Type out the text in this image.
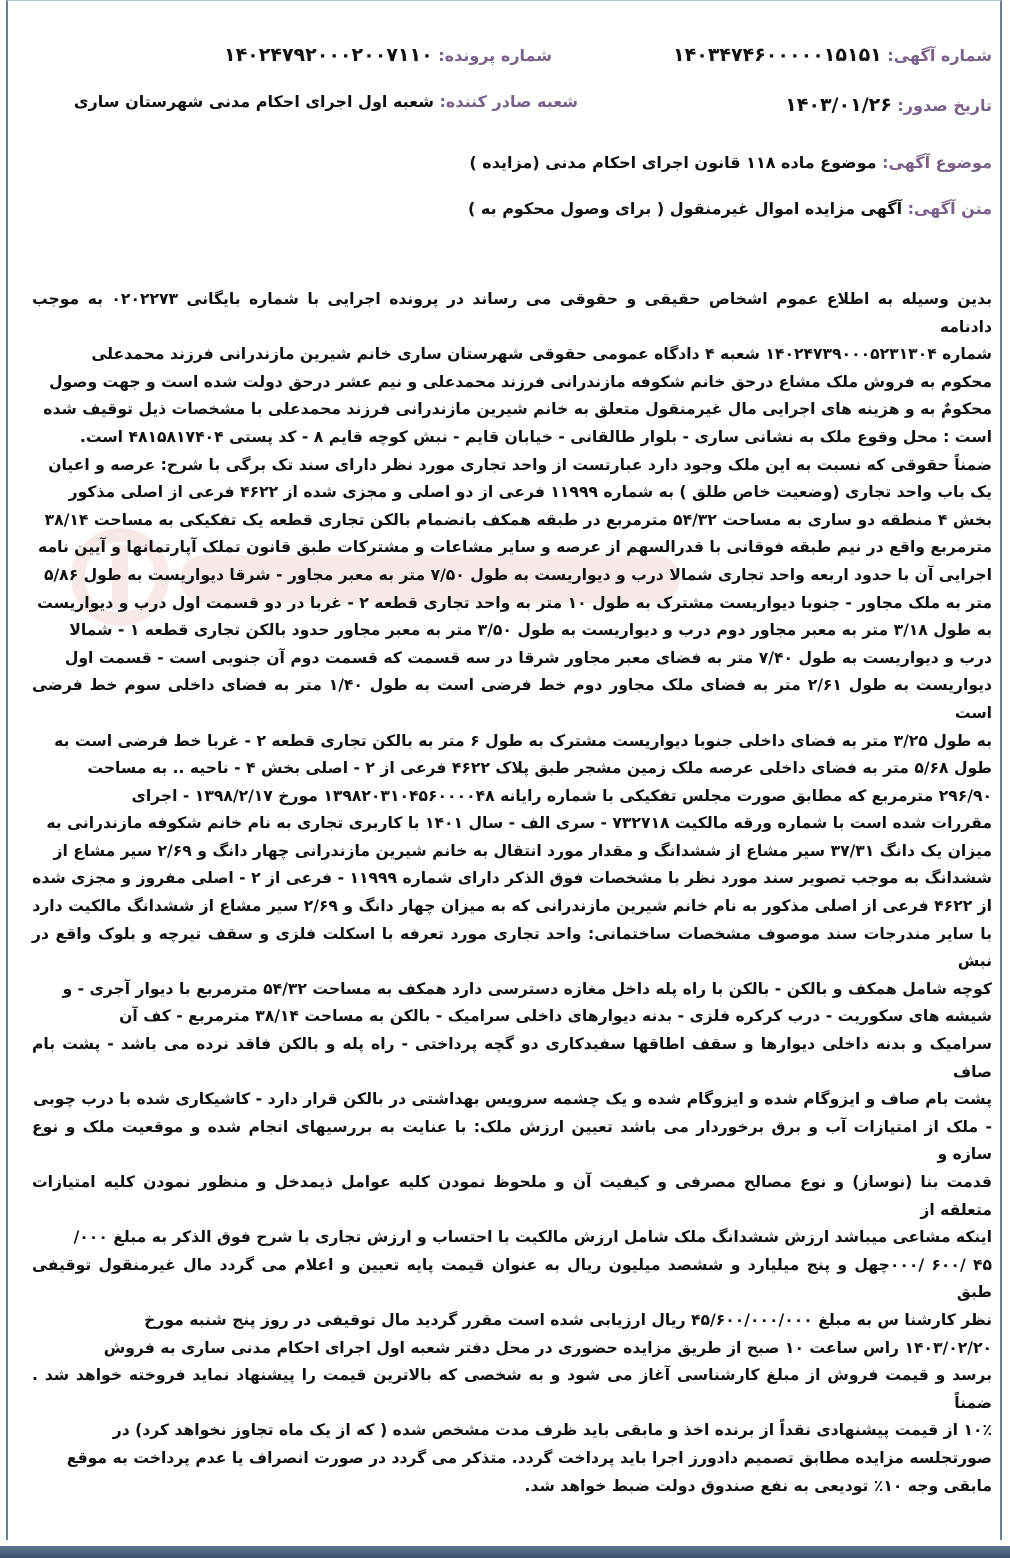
شماره آگهی: ۱۴۰۳۴۷۴۶۰۰۰۰۰۱۵۱۵۱
شماره پرونده: ۱۴۰۲۴۷۹۲۰۰۰۲۰۰۷۱۱۰
تاریخ صدور: ۱۴۰۳/۰۱/۲۶
شعبه صادر کننده: شعبه اول اجرای احکام مدنی شهرستان ساری
موضوع آگهی: موضوع ماده ۱۱۸ قانون اجرای احکام مدنی (مزایده )
متن آگهی: آگهی مزایده اموال غیرمنقول ( برای وصول محکوم به )

بدین وسیله به اطلاع عموم اشخاص حقیقی و حقوقی می رساند در پرونده اجرایی با شماره بایگانی ۰۲۰۲۲۷۳ به موجب دادنامه

شماره ۱۴۰۲۴۷۳۹۰۰۰۵۲۳۱۳۰۴ شعبه ۴ دادگاه عمومی حقوقی شهرستان ساری خانم شیرین مازندرانی فرزند محمدعلی

محکوم به فروش ملک مشاع درحق خانم شکوفه مازندرانی فرزند محمدعلی و نیم عشر درحق دولت شده است و جهت وصول

محکومٌ به و هزینه های اجرایی مال غیرمنقول متعلق به خانم شیرین مازندرانی فرزند محمدعلی با مشخصات ذیل توقیف شده

است : محل وقوع ملک به نشانی ساری - بلوار طالقانی - خیابان قایم - نبش کوچه قایم ۸ - کد پستی ۴۸۱۵۸۱۷۴۰۴ است.

ضمناً حقوقی که نسبت به این ملک وجود دارد عبارتست از واحد تجاری مورد نظر دارای سند تک برگی با شرح: عرصه و اعیان

یک باب واحد تجاری (وضعیت خاص طلق ) به شماره ۱۱۹۹۹ فرعی از دو اصلی و مجزی شده از ۴۶۲۲ فرعی از اصلی مذکور

بخش ۴ منطقه دو ساری به مساحت ۵۴/۳۲ مترمربع در طبقه همکف بانضمام بالکن تجاری قطعه یک تفکیکی به مساحت ۳۸/۱۴

مترمربع واقع در نیم طبقه فوقانی با قدرالسهم از عرصه و سایر مشاعات و مشترکات طبق قانون تملک آپارتمانها و آیین نامه

اجرایی آن با حدود اربعه واحد تجاری شمالا درب و دیواریست به طول ۷/۵۰ متر به معبر مجاور - شرقا دیواریست به طول ۵/۸۶

متر به ملک مجاور - جنوبا دیواریست مشترک به طول ۱۰ متر به واحد تجاری قطعه ۲ - غربا در دو قسمت اول درب و دیواریست

به طول ۳/۱۸ متر به معبر مجاور دوم درب و دیواریست به طول ۳/۵۰ متر به معبر مجاور حدود بالکن تجاری قطعه ۱ - شمالا

درب و دیواریست به طول ۷/۴۰ متر به فضای معبر مجاور شرقا در سه قسمت که قسمت دوم آن جنوبی است - قسمت اول

دیواریست به طول ۲/۶۱ متر به فضای ملک مجاور دوم خط فرضی است به طول ۱/۴۰ متر به فضای داخلی سوم خط فرضی است

به طول ۳/۲۵ متر به فضای داخلی جنوبا دیواریست مشترک به طول ۶ متر به بالکن تجاری قطعه ۲ - غربا خط فرضی است به

طول ۵/۶۸ متر به فضای داخلی عرصه ملک زمین مشجر طبق پلاک ۴۶۲۲ فرعی از ۲ - اصلی بخش ۴ - ناحیه .. به مساحت

۲۹۶/۹۰ مترمربع که مطابق صورت مجلس تفکیکی با شماره رایانه ۱۳۹۸۲۰۳۱۰۴۵۶۰۰۰۰۴۸ مورخ ۱۳۹۸/۲/۱۷ - اجرای

مقررات شده است با شماره ورقه مالکیت ۷۳۲۷۱۸ - سری الف - سال ۱۴۰۱ با کاربری تجاری به نام خانم شکوفه مازندرانی به

میزان یک دانگ ۳۷/۳۱ سیر مشاع از ششدانگ و مقدار مورد انتقال به خانم شیرین مازندرانی چهار دانگ و ۲/۶۹ سیر مشاع از

ششدانگ به موجب تصویر سند مورد نظر با مشخصات فوق الذکر دارای شماره ۱۱۹۹۹ - فرعی از ۲ - اصلی مفروز و مجزی شده

از ۴۶۲۲ فرعی از اصلی مذکور به نام خانم شیرین مازندرانی که به میزان چهار دانگ و ۲/۶۹ سیر مشاع از ششدانگ مالکیت دارد

با سایر مندرجات سند موصوف مشخصات ساختمانی: واحد تجاری مورد تعرفه با اسکلت فلزی و سقف تیرچه و بلوک واقع در نبش

کوچه شامل همکف و بالکن - بالکن با راه پله داخل مغازه دسترسی دارد همکف به مساحت ۵۴/۳۲ مترمربع با دیوار آجری - و

شیشه های سکوریت - درب کرکره فلزی - بدنه دیوارهای داخلی سرامیک - بالکن به مساحت ۳۸/۱۴ مترمربع - کف آن

سرامیک و بدنه داخلی دیوارها و سقف اطاقها سفیدکاری دو گچه پرداختی - راه پله و بالکن فاقد نرده می باشد - پشت بام صاف

پشت بام صاف و ایزوگام شده و ایزوگام شده و یک چشمه سرویس بهداشتی در بالکن قرار دارد - کاشیکاری شده با درب چوبی

- ملک از امتیازات آب و برق برخوردار می باشد تعیین ارزش ملک: با عنایت به بررسیهای انجام شده و موقعیت ملک و نوع سازه و

قدمت بنا (نوساز) و نوع مصالح مصرفی و کیفیت آن و ملحوظ نمودن کلیه عوامل ذیمدخل و منظور نمودن کلیه امتیازات متعلقه از

اینکه مشاعی میباشد ارزش ششدانگ ملک شامل ارزش مالکیت با احتساب و ارزش تجاری با شرح فوق الذکر به مبلغ ۰۰۰/

۴۵ /۶۰۰ /۰۰۰چهل و پنج میلیارد و ششصد میلیون ریال به عنوان قیمت پایه تعیین و اعلام می گردد مال غیرمنقول توقیفی طبق

نظر کارشنا س به مبلغ ۴۵/۶۰۰/۰۰۰/۰۰۰ ریال ارزیابی شده است مقرر گردید مال توقیفی در روز پنج شنبه مورخ

۱۴۰۳/۰۲/۲۰ راس ساعت ۱۰ صبح از طریق مزایده حضوری در محل دفتر شعبه اول اجرای احکام مدنی ساری به فروش

برسد و قیمت فروش از مبلغ کارشناسی آغاز می شود و به شخصی که بالاترین قیمت را پیشنهاد نماید فروخته خواهد شد . ضمناً

۱۰٪ از قیمت پیشنهادی نقداً از برنده اخذ و مابقی باید ظرف مدت مشخص شده ( که از یک ماه تجاوز نخواهد کرد) در

صورتجلسه مزایده مطابق تصمیم دادورز اجرا باید پرداخت گردد. متذکر می گردد در صورت انصراف یا عدم پرداخت به موقع

مابقی وجه ۱۰٪ تودیعی به نفع صندوق دولت ضبط خواهد شد.
